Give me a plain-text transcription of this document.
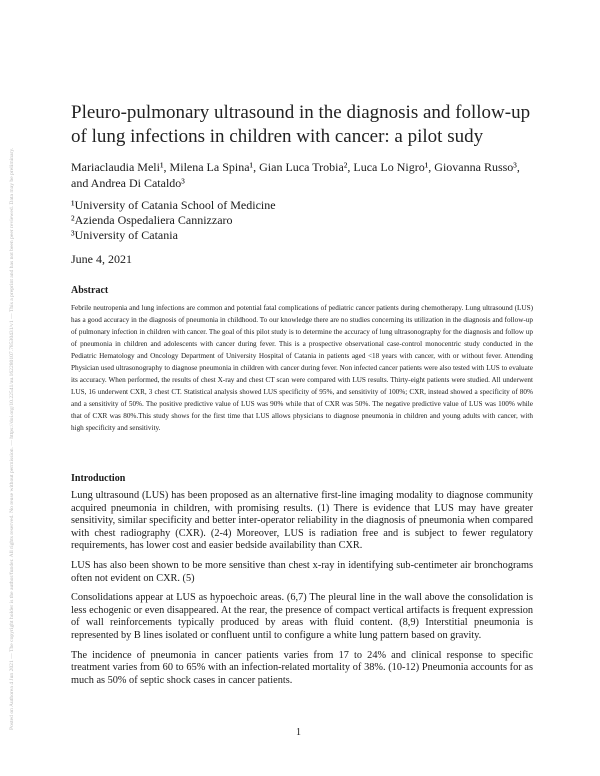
Posted on Authorea 4 Jun 2021 — The copyright holder is the author/funder. All rights reserved. No reuse without permission. — https://doi.org/10.22541/au.162280107.78530431/v1 — This a preprint and has not been peer reviewed. Data may be preliminary.
Pleuro-pulmonary ultrasound in the diagnosis and follow-up of lung infections in children with cancer: a pilot sudy

Mariaclaudia Meli¹, Milena La Spina¹, Gian Luca Trobia², Luca Lo Nigro¹, Giovanna Russo³, and Andrea Di Cataldo³

¹University of Catania School of Medicine

²Azienda Ospedaliera Cannizzaro

³University of Catania

June 4, 2021

Abstract

Febrile neutropenia and lung infections are common and potential fatal complications of pediatric cancer patients during chemotherapy. Lung ultrasound (LUS) has a good accuracy in the diagnosis of pneumonia in childhood. To our knowledge there are no studies concerning its utilization in the diagnosis and follow-up of pulmonary infection in children with cancer. The goal of this pilot study is to determine the accuracy of lung ultrasonography for the diagnosis and follow up of pneumonia in children and adolescents with cancer during fever. This is a prospective observational case-control monocentric study conducted in the Pediatric Hematology and Oncology Department of University Hospital of Catania in patients aged <18 years with cancer, with or without fever. Attending Physician used ultrasonography to diagnose pneumonia in children with cancer during fever. Non infected cancer patients were also tested with LUS to evaluate its accuracy. When performed, the results of chest X-ray and chest CT scan were compared with LUS results. Thirty-eight patients were studied. All underwent LUS, 16 underwent CXR, 3 chest CT. Statistical analysis showed LUS specificity of 95%, and sensitivity of 100%; CXR, instead showed a specificity of 80% and a sensitivity of 50%. The positive predictive value of LUS was 90% while that of CXR was 50%. The negative predictive value of LUS was 100% while that of CXR was 80%.This study shows for the first time that LUS allows physicians to diagnose pneumonia in children and young adults with cancer, with high specificity and sensitivity.

Introduction

Lung ultrasound (LUS) has been proposed as an alternative first-line imaging modality to diagnose community acquired pneumonia in children, with promising results. (1) There is evidence that LUS may have greater sensitivity, similar specificity and better inter-operator reliability in the diagnosis of pneumonia when compared with chest radiography (CXR). (2-4) Moreover, LUS is radiation free and is subject to fewer regulatory requirements, has lower cost and easier bedside availability than CXR.

LUS has also been shown to be more sensitive than chest x-ray in identifying sub-centimeter air bronchograms often not evident on CXR. (5)

Consolidations appear at LUS as hypoechoic areas. (6,7) The pleural line in the wall above the consolidation is less echogenic or even disappeared. At the rear, the presence of compact vertical artifacts is frequent expression of wall reinforcements typically produced by areas with fluid content. (8,9) Interstitial pneumonia is represented by B lines isolated or confluent until to configure a white lung pattern based on gravity.

The incidence of pneumonia in cancer patients varies from 17 to 24% and clinical response to specific treatment varies from 60 to 65% with an infection-related mortality of 38%. (10-12) Pneumonia accounts for as much as 50% of septic shock cases in cancer patients.

1
